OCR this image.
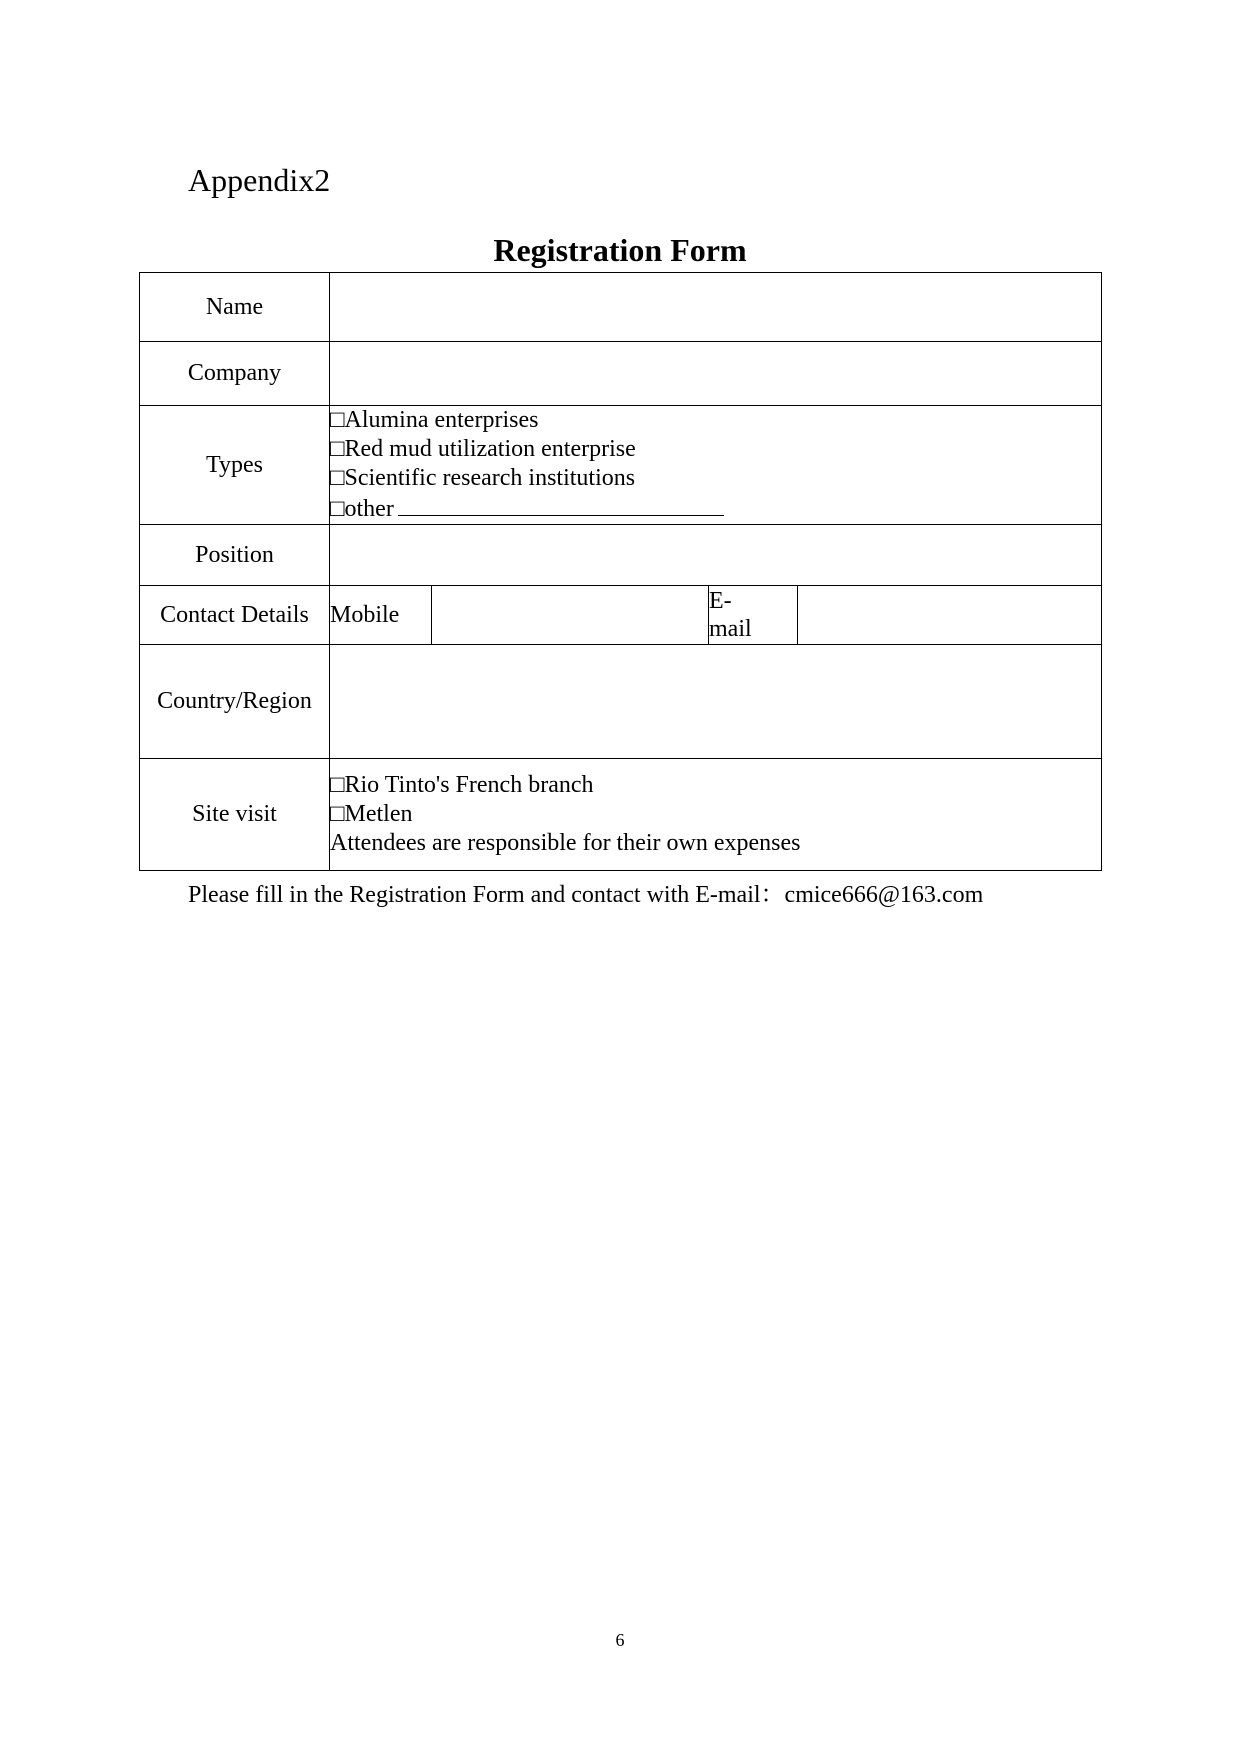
Appendix2
Registration Form
Name				
Company				
Types	□Alumina enterprises
□Red mud utilization enterprise
□Scientific research institutions
□other			

Position				
Contact Details	Mobile		E-
mail	
Country/Region				
Site visit	□Rio Tinto's French branch
□Metlen
Attendees are responsible for their own expenses			
Please fill in the Registration Form and contact with E-mail：cmice666@163.com
6
